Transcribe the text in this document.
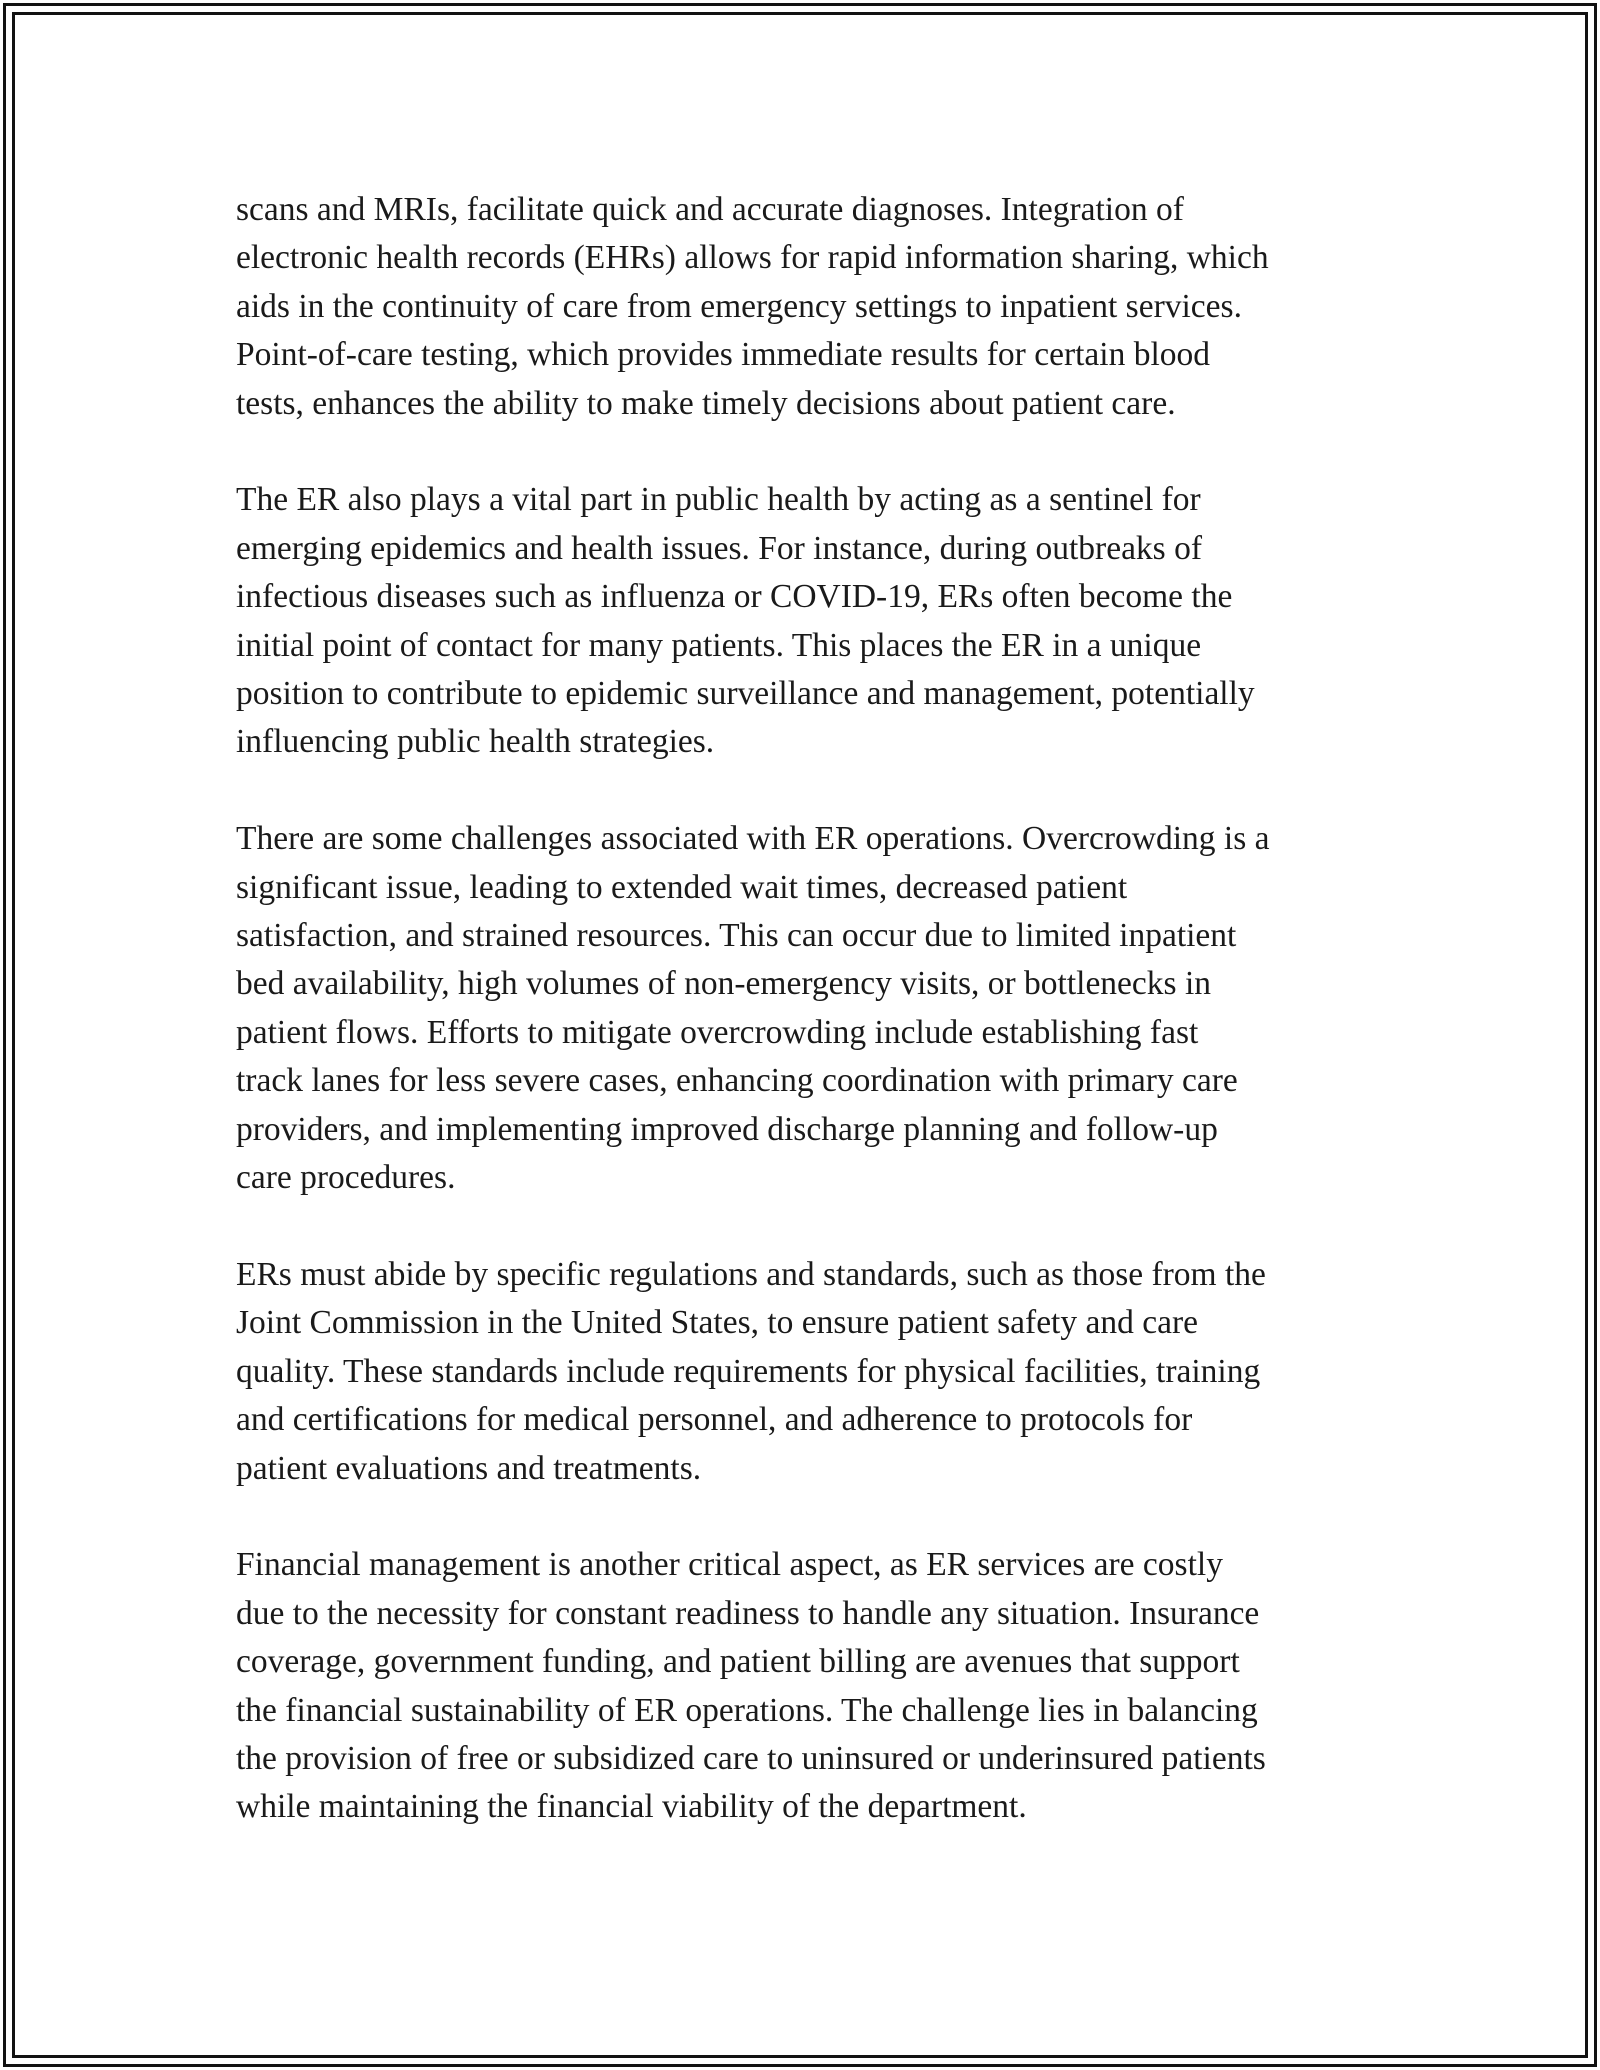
scans and MRIs, facilitate quick and accurate diagnoses. Integration of
electronic health records (EHRs) allows for rapid information sharing, which
aids in the continuity of care from emergency settings to inpatient services.
Point-of-care testing, which provides immediate results for certain blood
tests, enhances the ability to make timely decisions about patient care.

The ER also plays a vital part in public health by acting as a sentinel for
emerging epidemics and health issues. For instance, during outbreaks of
infectious diseases such as influenza or COVID-19, ERs often become the
initial point of contact for many patients. This places the ER in a unique
position to contribute to epidemic surveillance and management, potentially
influencing public health strategies.

There are some challenges associated with ER operations. Overcrowding is a
significant issue, leading to extended wait times, decreased patient
satisfaction, and strained resources. This can occur due to limited inpatient
bed availability, high volumes of non-emergency visits, or bottlenecks in
patient flows. Efforts to mitigate overcrowding include establishing fast
track lanes for less severe cases, enhancing coordination with primary care
providers, and implementing improved discharge planning and follow-up
care procedures.

ERs must abide by specific regulations and standards, such as those from the
Joint Commission in the United States, to ensure patient safety and care
quality. These standards include requirements for physical facilities, training
and certifications for medical personnel, and adherence to protocols for
patient evaluations and treatments.

Financial management is another critical aspect, as ER services are costly
due to the necessity for constant readiness to handle any situation. Insurance
coverage, government funding, and patient billing are avenues that support
the financial sustainability of ER operations. The challenge lies in balancing
the provision of free or subsidized care to uninsured or underinsured patients
while maintaining the financial viability of the department.
